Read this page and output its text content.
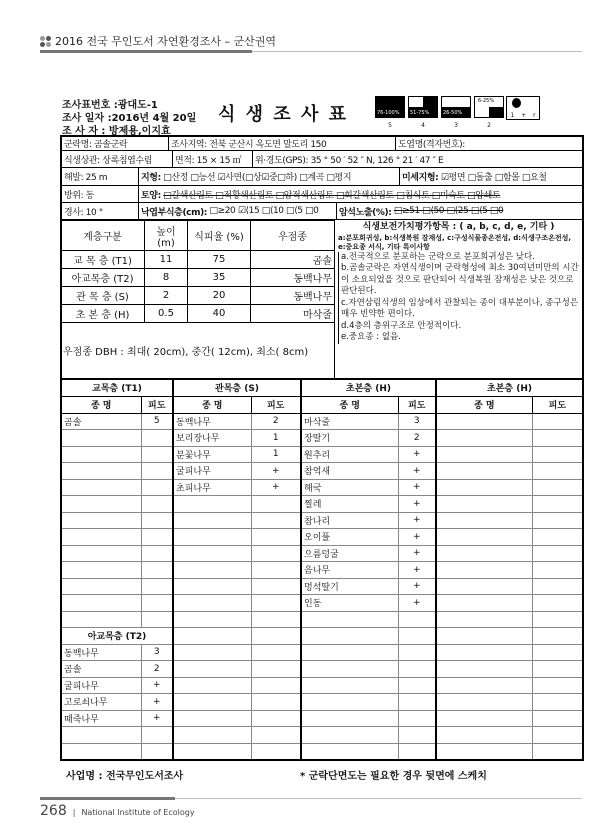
2016 전국 무인도서 자연환경조사 – 군산권역
조사표번호 :광대도-1
조사 일자 :2016년 4월 20일
조 사 자 : 방제용,이지효
식 생 조 사 표	76-100% 51-75%	26-50%
6-25%
1 + r
5	4	3	2
군락명: 곰솔군락	조사지역: 전북 군산시 옥도면 말도리 150	도엽명(격자번호):
식생상관: 상록침엽수림	면적: 15 × 15 ㎡	위·경도(GPS): 35 ° 50 ′ 52 ″ N, 126 ° 21 ′ 47 ″ E
해발: 25 m	지형:
□산정 □능선 ☑사면(□상☑중□하) □계곡 □평지	미세지형:
☑평면 □돌출 □함몰 □요철
방위: 동	토양:
□갈색산림토 □적황색산림토 □암적색산림토 □회갈색산림토 □침식토 □미숙토 □암쇄토
경사: 10 °	낙엽부식층(cm):
□≥20 ☑⟨15 □⟨10 □⟨5 □0 암석노출(%):
□≥51 □⟨50 □⟨25 □⟨5 □0
계층구분	높이 (m)	식피율 (%)	우점종
교 목 층 (T1)	11	75	곰솔
아교목층 (T2)	8	35	동백나무
관 목 층 (S)	2	20	동백나무
초 본 층 (H)	0.5	40	마삭줄
우점종 DBH : 최대( 20cm), 중간( 12cm), 최소( 8cm)			
식생보전가치평가항목 : ( a, b, c, d, e, 기타 )
a:분포희귀성, b:식생복원 잠재성, c:구성식물종온전성, d:식생구조온전성, e:중요종 서식, 기타 특이사항
a.전국적으로 분포하는 군락으로 분포희귀성은 낮다.
b.곰솔군락은 자연식생이며 군락형성에 최소 30여년미만의 시간이 소요되었을 것으로 판단되어 식생복원 잠재성은 낮은 것으로 판단된다.
c.자연삼림식생의 임상에서 관찰되는 종이 대부분이나, 종구성은 매우 빈약한 편이다.
d.4층의 층위구조로 안정적이다.
e.중요종 : 없음.
교목층 (T1)		관목층 (S)		초본층 (H)		초본층 (H)	
종 명	피도	종 명	피도	종 명	피도	종 명	피도
곰솔	5	동백나무	2	마삭줄	3		
		보리장나무	1	장딸기	2		
		분꽃나무	1	원추리	+		
		굴피나무	+	참억새	+		
		초피나무	+	해국	+		
				찔레	+		
				참나리	+		
				오이풀	+		
				으름덩굴	+		
				음나무	+		
				멍석딸기	+		
				인동	+		

아교목층 (T2)							
동백나무	3						
곰솔	2						
굴피나무	+						
고로쇠나무	+						
때죽나무	+						

사업명 : 전국무인도서조사	* 군락단면도는 필요한 경우 뒷면에 스케치
268 | National Institute of Ecology
